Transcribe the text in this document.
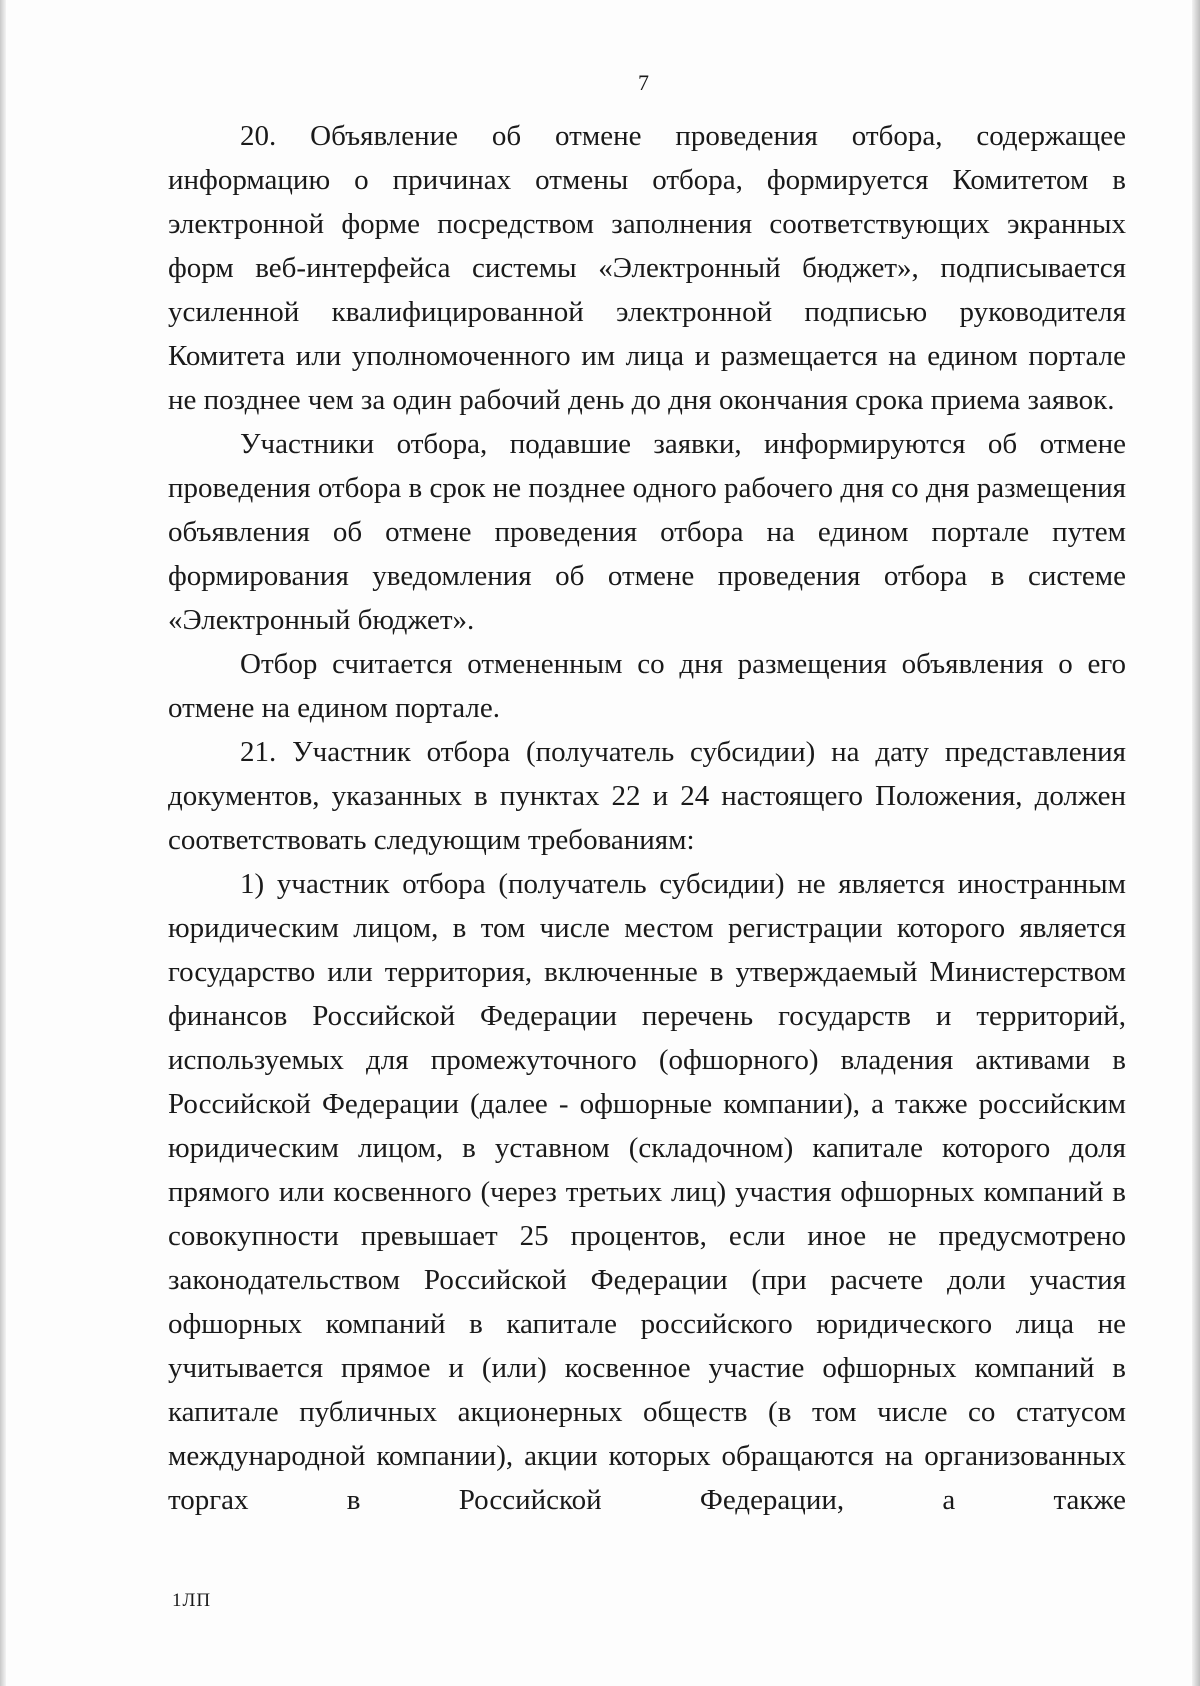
7

20. Объявление об отмене проведения отбора, содержащее информацию о причинах отмены отбора, формируется Комитетом в электронной форме посредством заполнения соответствующих экранных форм веб-интерфейса системы «Электронный бюджет», подписывается усиленной квалифицированной электронной подписью руководителя Комитета или уполномоченного им лица и размещается на едином портале не позднее чем за один рабочий день до дня окончания срока приема заявок.

Участники отбора, подавшие заявки, информируются об отмене проведения отбора в срок не позднее одного рабочего дня со дня размещения объявления об отмене проведения отбора на едином портале путем формирования уведомления об отмене проведения отбора в системе «Электронный бюджет».

Отбор считается отмененным со дня размещения объявления о его отмене на едином портале.

21. Участник отбора (получатель субсидии) на дату представления документов, указанных в пунктах 22 и 24 настоящего Положения, должен соответствовать следующим требованиям:

1) участник отбора (получатель субсидии) не является иностранным юридическим лицом, в том числе местом регистрации которого является государство или территория, включенные в утверждаемый Министерством финансов Российской Федерации перечень государств и территорий, используемых для промежуточного (офшорного) владения активами в Российской Федерации (далее - офшорные компании), а также российским юридическим лицом, в уставном (складочном) капитале которого доля прямого или косвенного (через третьих лиц) участия офшорных компаний в совокупности превышает 25 процентов, если иное не предусмотрено законодательством Российской Федерации (при расчете доли участия офшорных компаний в капитале российского юридического лица не учитывается прямое и (или) косвенное участие офшорных компаний в капитале публичных акционерных обществ (в том числе со статусом международной компании), акции которых обращаются на организованных торгах в Российской Федерации, а также

1ЛП
